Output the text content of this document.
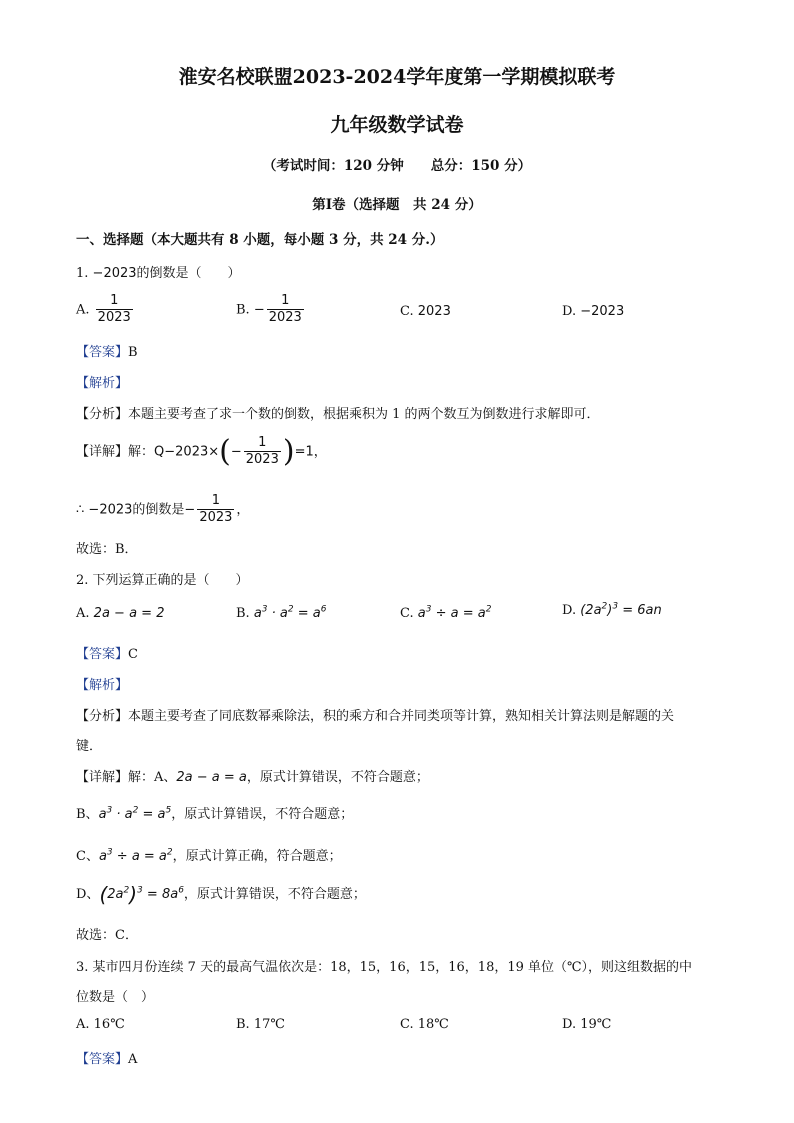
淮安名校联盟2023-2024学年度第一学期模拟联考
九年级数学试卷
（考试时间：120 分钟　　总分：150 分）
第Ⅰ卷（选择题　共 24 分）
一、选择题（本大题共有 8 小题，每小题 3 分，共 24 分.）
1. −2023的倒数是（　　）
A. $\frac{1}{2023}$	B. − $\frac{1}{2023}$	C. 2023	D. −2023
【答案】B
【解析】
【分析】本题主要考查了求一个数的倒数，根据乘积为 1 的两个数互为倒数进行求解即可．
【详解】解：$Q-2023\times(- \frac{1}{2023} )=1$，
∴ −2023的倒数是− $\frac{1}{2023}$ ，
故选：B．
2. 下列运算正确的是（　　）
A. 2a − a = 2	B. $a^3 \cdot a^2 = a^6$	C. $a^3 \div a = a^2$	D. $(2a^2)^3 = 6an$
【答案】C
【解析】
【分析】本题主要考查了同底数幂乘除法，积的乘方和合并同类项等计算，熟知相关计算法则是解题的关
键．
【详解】解：A、2a − a = a，原式计算错误，不符合题意；
B、$a^3 \cdot a^2 = a^5$，原式计算错误，不符合题意；
C、$a^3 \div a = a^2$，原式计算正确，符合题意；
D、$(2a^2)^3 = 8a^6$，原式计算错误，不符合题意；
故选：C．
3. 某市四月份连续 7 天的最高气温依次是：18，15，16，15，16，18，19 单位（℃），则这组数据的中
位数是（　）
A. 16℃	B. 17℃	C. 18℃	D. 19℃
【答案】A
